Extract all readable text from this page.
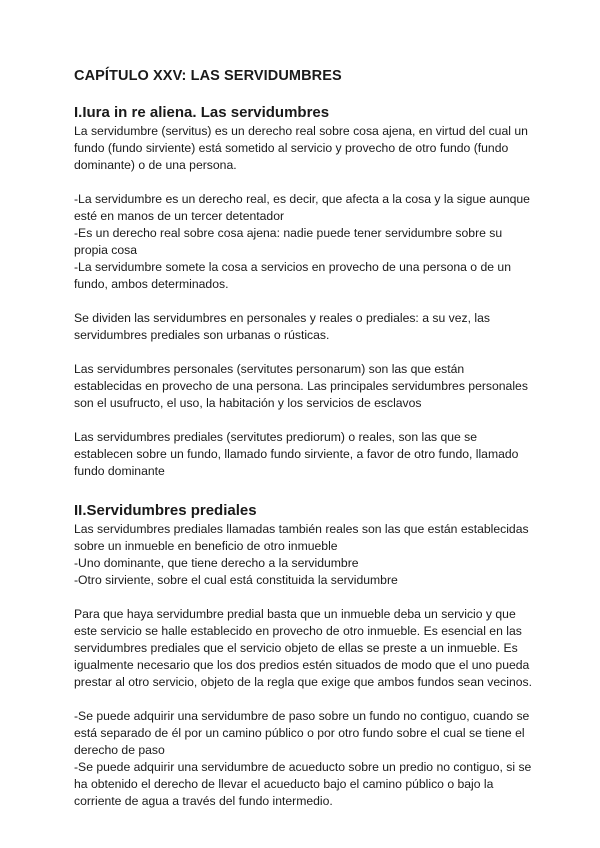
CAPÍTULO XXV: LAS SERVIDUMBRES
I.Iura in re aliena. Las servidumbres

La servidumbre (servitus) es un derecho real sobre cosa ajena, en virtud del cual un fundo (fundo sirviente) está sometido al servicio y provecho de otro fundo (fundo dominante) o de una persona.

-La servidumbre es un derecho real, es decir, que afecta a la cosa y la sigue aunque esté en manos de un tercer detentador

-Es un derecho real sobre cosa ajena: nadie puede tener servidumbre sobre su propia cosa

-La servidumbre somete la cosa a servicios en provecho de una persona o de un fundo, ambos determinados.

Se dividen las servidumbres en personales y reales o prediales: a su vez, las servidumbres prediales son urbanas o rústicas.

Las servidumbres personales (servitutes personarum) son las que están establecidas en provecho de una persona. Las principales servidumbres personales son el usufructo, el uso, la habitación y los servicios de esclavos

Las servidumbres prediales (servitutes prediorum) o reales, son las que se establecen sobre un fundo, llamado fundo sirviente, a favor de otro fundo, llamado fundo dominante

II.Servidumbres prediales

Las servidumbres prediales llamadas también reales son las que están establecidas sobre un inmueble en beneficio de otro inmueble

-Uno dominante, que tiene derecho a la servidumbre

-Otro sirviente, sobre el cual está constituida la servidumbre

Para que haya servidumbre predial basta que un inmueble deba un servicio y que este servicio se halle establecido en provecho de otro inmueble. Es esencial en las servidumbres prediales que el servicio objeto de ellas se preste a un inmueble. Es igualmente necesario que los dos predios estén situados de modo que el uno pueda prestar al otro servicio, objeto de la regla que exige que ambos fundos sean vecinos.

-Se puede adquirir una servidumbre de paso sobre un fundo no contiguo, cuando se está separado de él por un camino público o por otro fundo sobre el cual se tiene el derecho de paso

-Se puede adquirir una servidumbre de acueducto sobre un predio no contiguo, si se ha obtenido el derecho de llevar el acueducto bajo el camino público o bajo la corriente de agua a través del fundo intermedio.
